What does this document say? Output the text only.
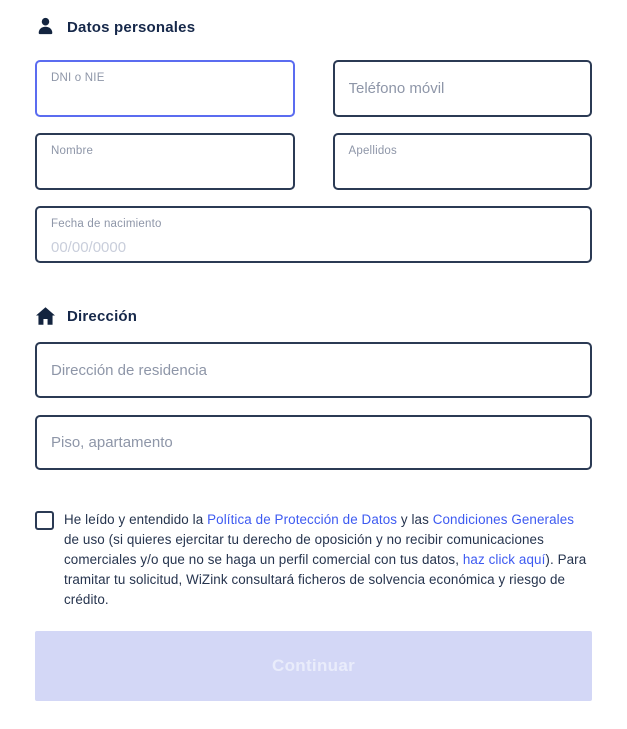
Datos personales
DNI o NIE
Teléfono móvil
Nombre	Apellidos
Fecha de nacimiento
00/00/0000
Dirección
Dirección de residencia
Piso, apartamento

He leído y entendido la Política de Protección de Datos y las Condiciones Generales de uso (si quieres ejercitar tu derecho de oposición y no recibir comunicaciones comerciales y/o que no se haga un perfil comercial con tus datos, haz click aquí). Para tramitar tu solicitud, WiZink consultará ficheros de solvencia económica y riesgo de crédito.

Continuar
